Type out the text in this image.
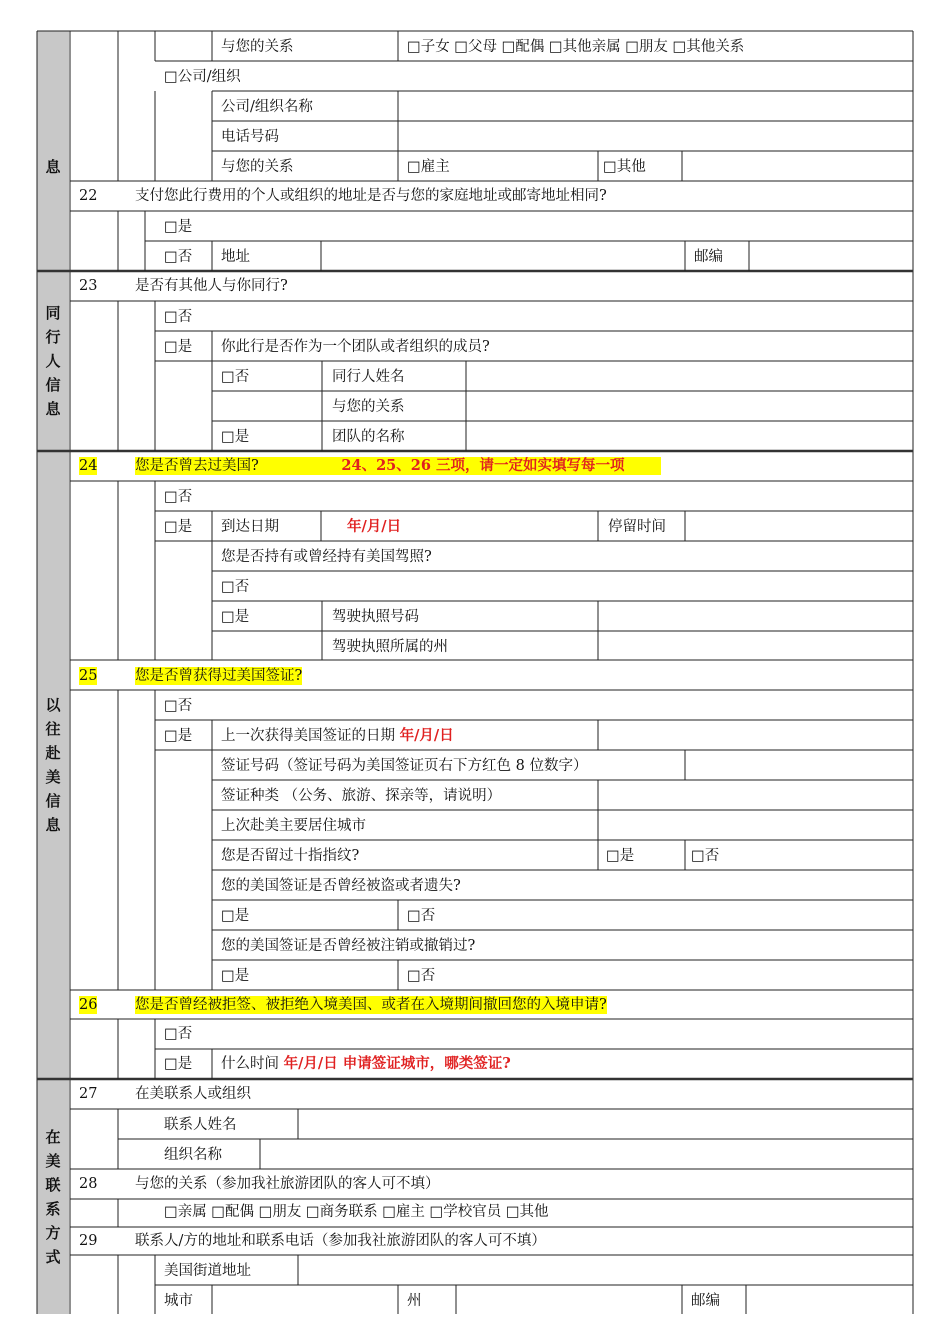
息
同
行
人
信
息
以
往
赴
美
信
息
在
美
联
系
方
式
与您的关系	□子女 □父母 □配偶 □其他亲属 □朋友 □其他关系
□公司/组织
公司/组织名称
电话号码
与您的关系	□雇主	□其他
22	支付您此行费用的个人或组织的地址是否与您的家庭地址或邮寄地址相同?
□是
□否 地址	邮编
23	是否有其他人与你同行?
□否
□是 你此行是否作为一个团队或者组织的成员?
□否	同行人姓名
与您的关系
□是	团队的名称
24	您是否曾去过美国?	24、25、26 三项，请一定如实填写每一项
□否
□是 到达日期	年/月/日	停留时间
您是否持有或曾经持有美国驾照?
□否
□是	驾驶执照号码
驾驶执照所属的州
25	您是否曾获得过美国签证?
□否
□是 上一次获得美国签证的日期 年/月/日
签证号码（签证号码为美国签证页右下方红色 8 位数字）
签证种类 （公务、旅游、探亲等，请说明）
上次赴美主要居住城市
您是否留过十指指纹?	□是	□否
您的美国签证是否曾经被盗或者遗失?
□是	□否
您的美国签证是否曾经被注销或撤销过?
□是	□否
26	您是否曾经被拒签、被拒绝入境美国、或者在入境期间撤回您的入境申请?
□否
□是 什么时间 年/月/日 申请签证城市，哪类签证?
27	在美联系人或组织
联系人姓名
组织名称
28	与您的关系（参加我社旅游团队的客人可不填）
□亲属 □配偶 □朋友 □商务联系 □雇主 □学校官员 □其他
29	联系人/方的地址和联系电话（参加我社旅游团队的客人可不填）
美国街道地址
城市	州	邮编
